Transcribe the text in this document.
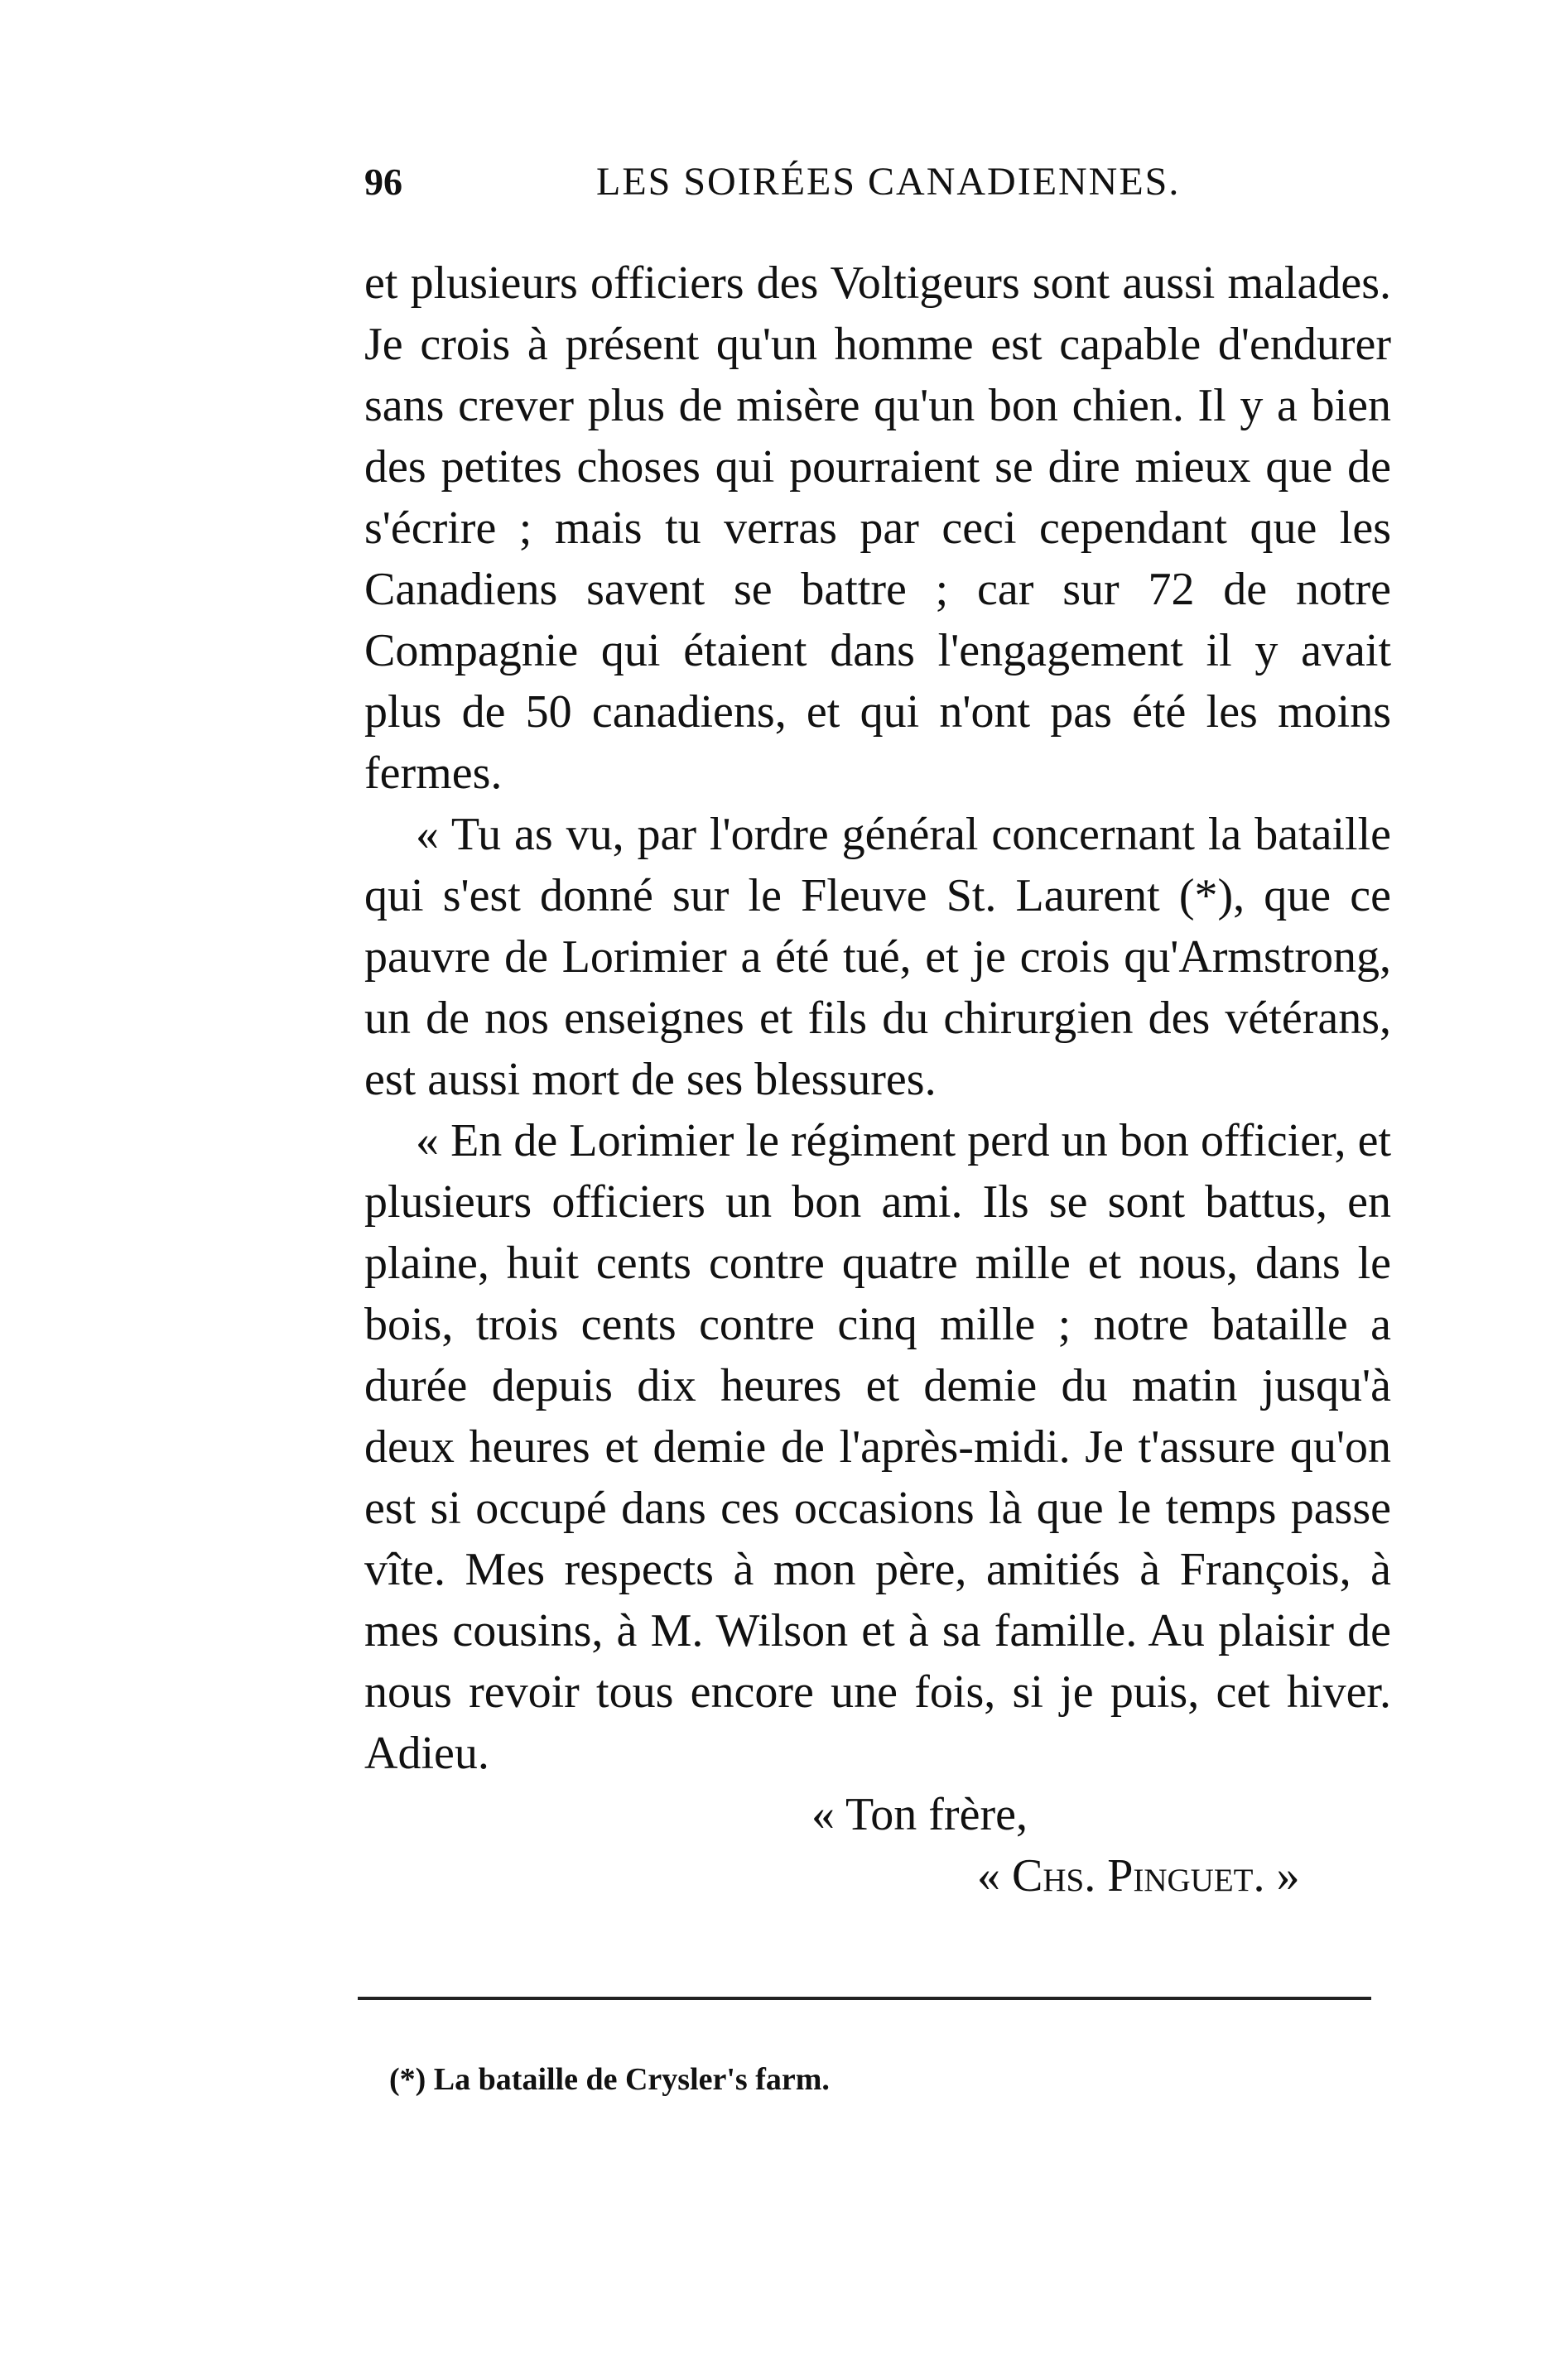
96	LES SOIRÉES CANADIENNES.

et plusieurs officiers des Voltigeurs sont aussi malades. Je crois à présent qu'un homme est capable d'endurer sans crever plus de misère qu'un bon chien. Il y a bien des petites choses qui pourraient se dire mieux que de s'écrire ; mais tu verras par ceci cependant que les Canadiens savent se battre ; car sur 72 de notre Compagnie qui étaient dans l'engagement il y avait plus de 50 canadiens, et qui n'ont pas été les moins fermes.

« Tu as vu, par l'ordre général concernant la bataille qui s'est donné sur le Fleuve St. Laurent (*), que ce pauvre de Lorimier a été tué, et je crois qu'Armstrong, un de nos enseignes et fils du chirurgien des vétérans, est aussi mort de ses blessures.

« En de Lorimier le régiment perd un bon officier, et plusieurs officiers un bon ami. Ils se sont battus, en plaine, huit cents contre quatre mille et nous, dans le bois, trois cents contre cinq mille ; notre bataille a durée depuis dix heures et demie du matin jusqu'à deux heures et demie de l'après-midi. Je t'assure qu'on est si occupé dans ces occasions là que le temps passe vîte. Mes respects à mon père, amitiés à François, à mes cousins, à M. Wilson et à sa famille. Au plaisir de nous revoir tous encore une fois, si je puis, cet hiver. Adieu.

« Ton frère,

« Chs. Pinguet. »

(*) La bataille de Crysler's farm.
